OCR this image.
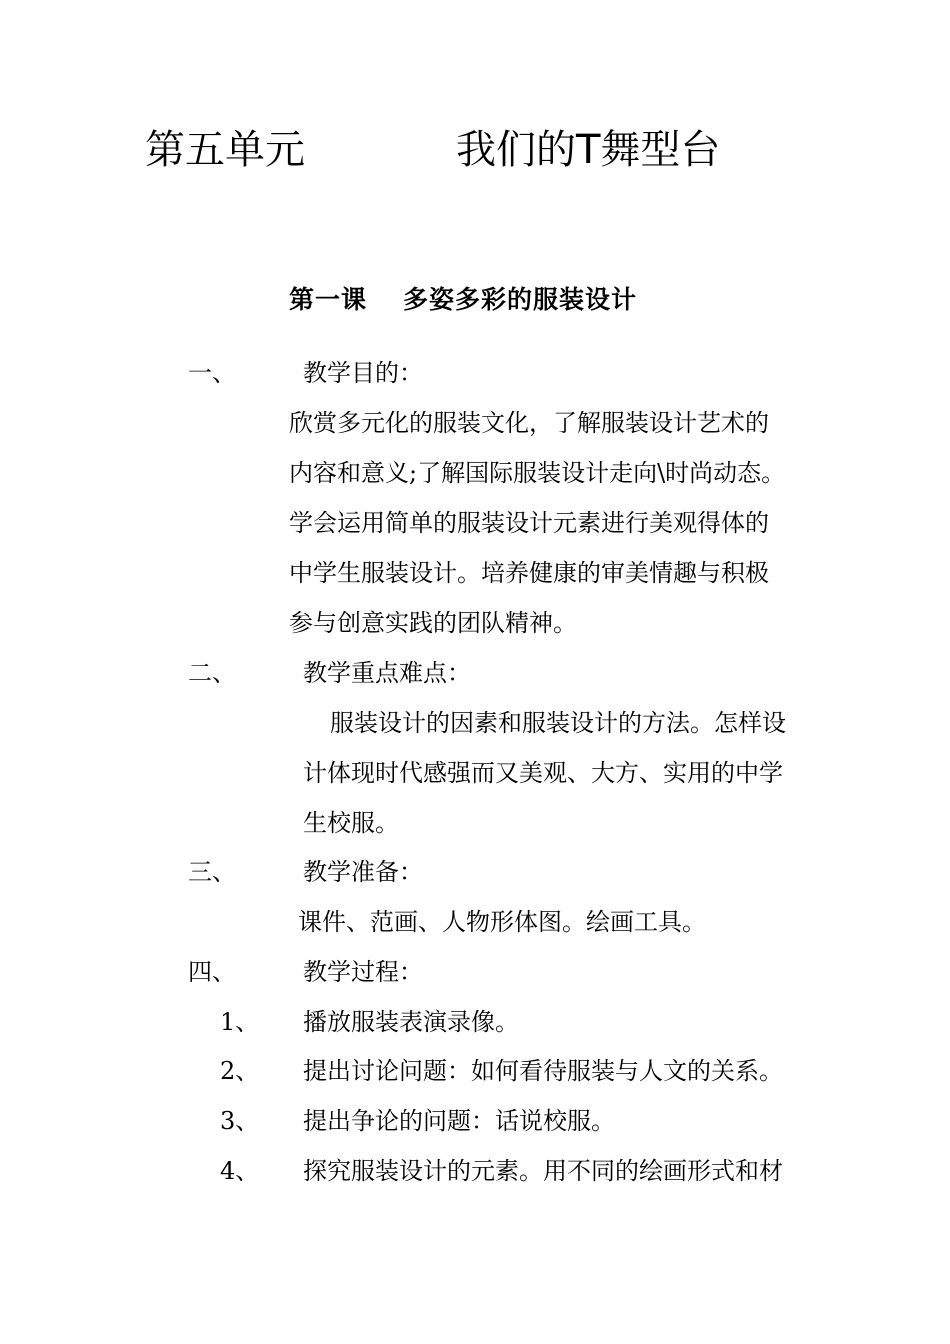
第五单元	我们的T舞型台
第一课 多姿多彩的服装设计
一、	教学目的：
欣赏多元化的服装文化，了解服装设计艺术的
内容和意义;了解国际服装设计走向\时尚动态。
学会运用简单的服装设计元素进行美观得体的
中学生服装设计。培养健康的审美情趣与积极
参与创意实践的团队精神。
二、	教学重点难点：
服装设计的因素和服装设计的方法。怎样设
计体现时代感强而又美观、大方、实用的中学
生校服。
三、	教学准备：
课件、范画、人物形体图。绘画工具。
四、	教学过程：
1、 播放服装表演录像。
2、 提出讨论问题：如何看待服装与人文的关系。
3、 提出争论的问题：话说校服。
4、 探究服装设计的元素。用不同的绘画形式和材
